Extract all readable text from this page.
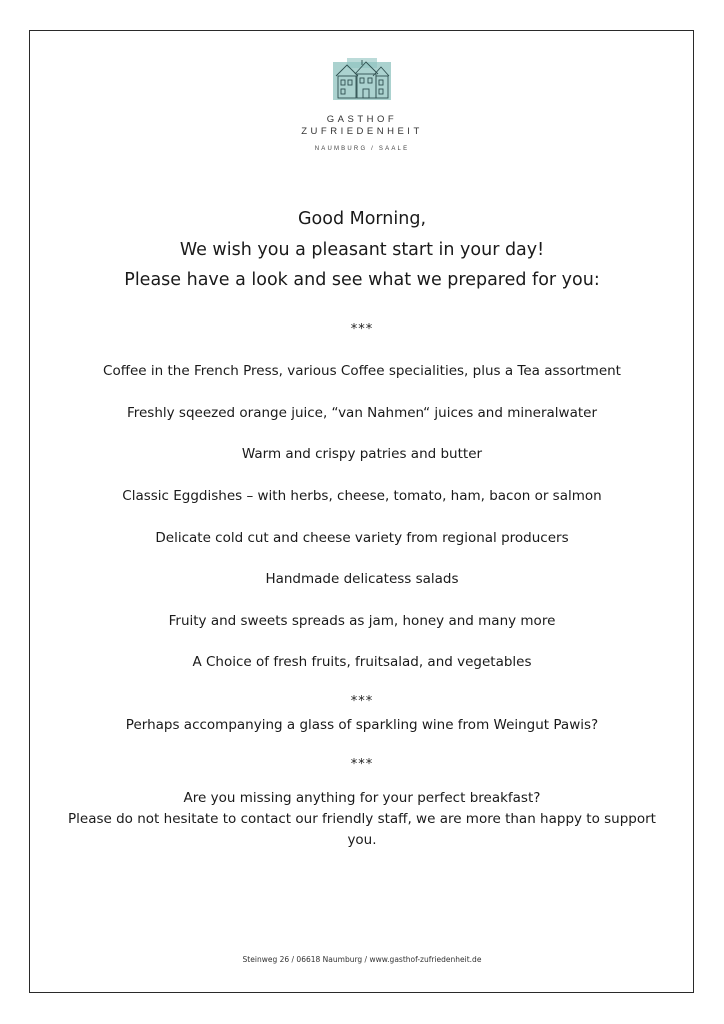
GASTHOF
ZUFRIEDENHEIT
NAUMBURG / SAALE
Good Morning,
We wish you a pleasant start in your day!
Please have a look and see what we prepared for you:
***
Coffee in the French Press, various Coffee specialities, plus a Tea assortment
Freshly sqeezed orange juice, “van Nahmen“ juices and mineralwater
Warm and crispy patries and butter
Classic Eggdishes – with herbs, cheese, tomato, ham, bacon or salmon
Delicate cold cut and cheese variety from regional producers
Handmade delicatess salads
Fruity and sweets spreads as jam, honey and many more
A Choice of fresh fruits, fruitsalad, and vegetables
***
Perhaps accompanying a glass of sparkling wine from Weingut Pawis?
***
Are you missing anything for your perfect breakfast?
Please do not hesitate to contact our friendly staff, we are more than happy to support you.
Steinweg 26 / 06618 Naumburg / www.gasthof-zufriedenheit.de
